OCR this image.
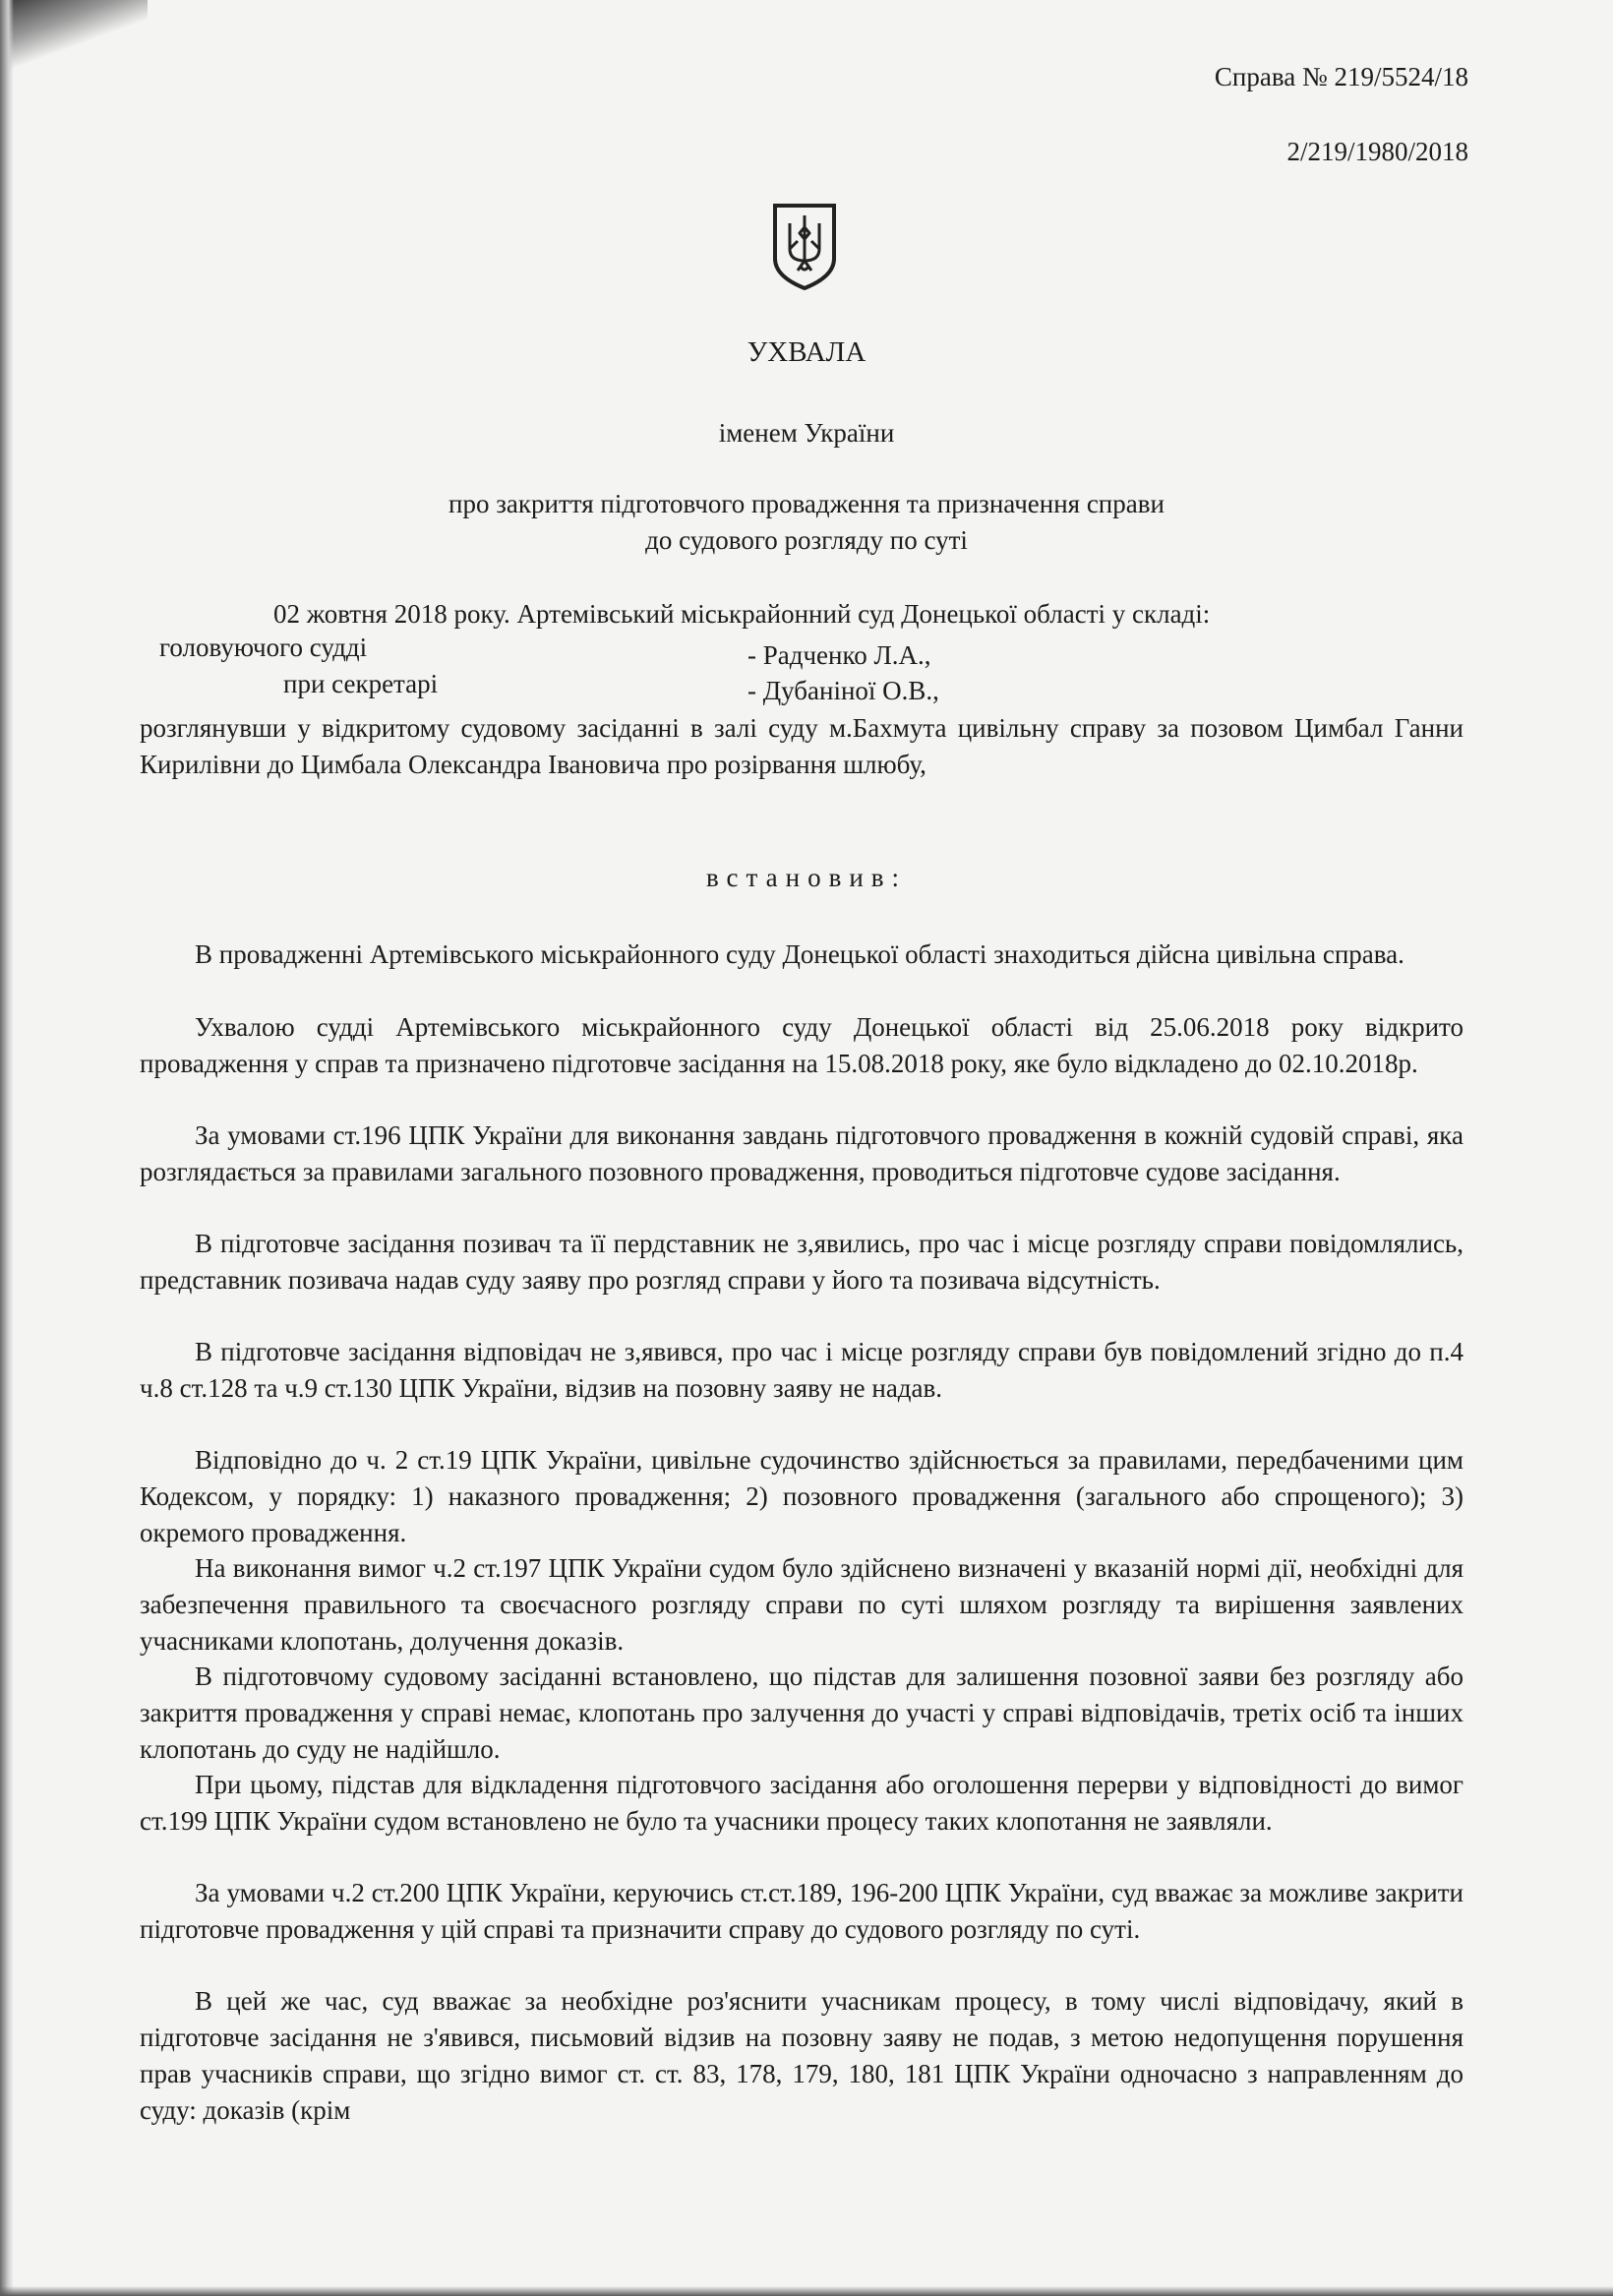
Справа № 219/5524/18
2/219/1980/2018
УХВАЛА
іменем України
про закриття підготовчого провадження та призначення справи
до судового розгляду по суті
02 жовтня 2018 року. Артемівський міськрайонний суд Донецької області у складі:
головуючого судді	- Радченко Л.А.,
при секретарі	- Дубаніної О.В.,
розглянувши у відкритому судовому засіданні в залі суду м.Бахмута цивільну справу за позовом Цимбал Ганни Кирилівни до Цимбала Олександра Івановича про розірвання шлюбу,
встановив:
В провадженні Артемівського міськрайонного суду Донецької області знаходиться дійсна цивільна справа.
Ухвалою судді Артемівського міськрайонного суду Донецької області від 25.06.2018 року відкрито провадження у справ та призначено підготовче засідання на 15.08.2018 року, яке було відкладено до 02.10.2018р.
За умовами ст.196 ЦПК України для виконання завдань підготовчого провадження в кожній судовій справі, яка розглядається за правилами загального позовного провадження, проводиться підготовче судове засідання.
В підготовче засідання позивач та її пердставник не з,явились, про час і місце розгляду справи повідомлялись, представник позивача надав суду заяву про розгляд справи у його та позивача відсутність.
В підготовче засідання відповідач не з,явився, про час і місце розгляду справи був повідомлений згідно до п.4 ч.8 ст.128 та ч.9 ст.130 ЦПК України, відзив на позовну заяву не надав.
Відповідно до ч. 2 ст.19 ЦПК України, цивільне судочинство здійснюється за правилами, передбаченими цим Кодексом, у порядку: 1) наказного провадження; 2) позовного провадження (загального або спрощеного); 3) окремого провадження.
На виконання вимог ч.2 ст.197 ЦПК України судом було здійснено визначені у вказаній нормі дії, необхідні для забезпечення правильного та своєчасного розгляду справи по суті шляхом розгляду та вирішення заявлених учасниками клопотань, долучення доказів.
В підготовчому судовому засіданні встановлено, що підстав для залишення позовної заяви без розгляду або закриття провадження у справі немає, клопотань про залучення до участі у справі відповідачів, третіх осіб та інших клопотань до суду не надійшло.
При цьому, підстав для відкладення підготовчого засідання або оголошення перерви у відповідності до вимог ст.199 ЦПК України судом встановлено не було та учасники процесу таких клопотання не заявляли.
За умовами ч.2 ст.200 ЦПК України, керуючись ст.ст.189, 196-200 ЦПК України, суд вважає за можливе закрити підготовче провадження у цій справі та призначити справу до судового розгляду по суті.
В цей же час, суд вважає за необхідне роз'яснити учасникам процесу, в тому числі відповідачу, який в підготовче засідання не з'явився, письмовий відзив на позовну заяву не подав, з метою недопущення порушення прав учасників справи, що згідно вимог ст. ст. 83, 178, 179, 180, 181 ЦПК України одночасно з направленням до суду: доказів (крім
